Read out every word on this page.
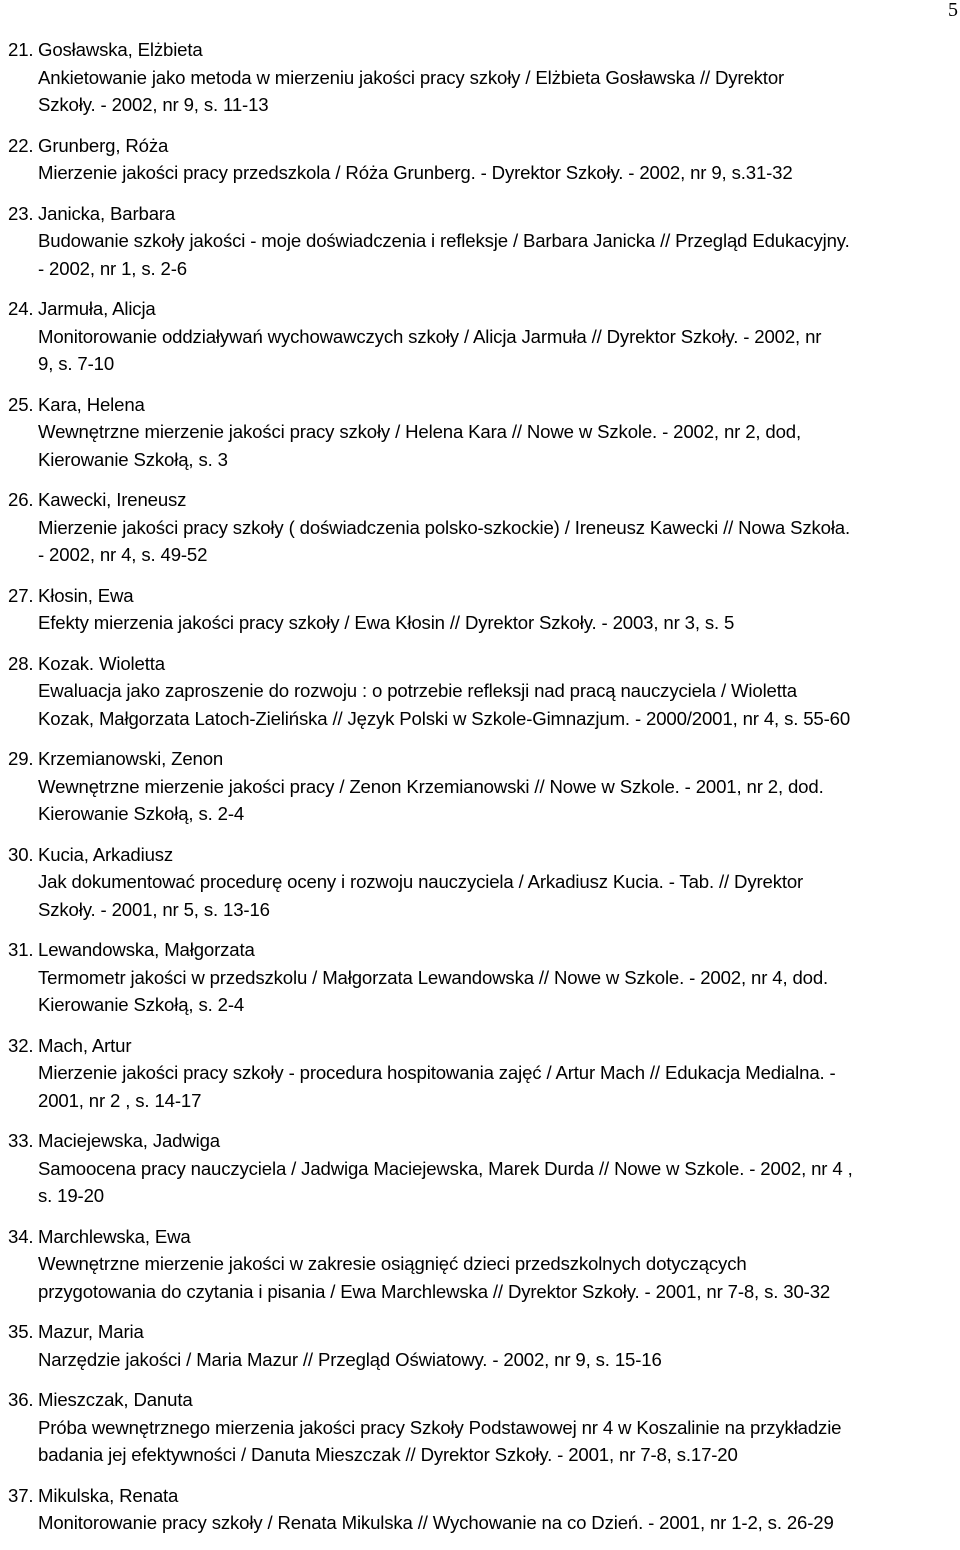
5
21. Gosławska, Elżbieta
Ankietowanie jako metoda w mierzeniu jakości pracy szkoły / Elżbieta Gosławska // Dyrektor
Szkoły. - 2002, nr 9, s. 11-13
22. Grunberg, Róża
Mierzenie jakości pracy przedszkola / Róża Grunberg. - Dyrektor Szkoły. - 2002, nr 9, s.31-32
23. Janicka, Barbara
Budowanie szkoły jakości - moje doświadczenia i refleksje / Barbara Janicka // Przegląd Edukacyjny.
- 2002, nr 1, s. 2-6
24. Jarmuła, Alicja
Monitorowanie oddziaływań wychowawczych szkoły / Alicja Jarmuła // Dyrektor Szkoły. - 2002, nr
9, s. 7-10
25. Kara, Helena
Wewnętrzne mierzenie jakości pracy szkoły / Helena Kara // Nowe w Szkole. - 2002, nr 2, dod,
Kierowanie Szkołą, s. 3
26. Kawecki, Ireneusz
Mierzenie jakości pracy szkoły ( doświadczenia polsko-szkockie) / Ireneusz Kawecki // Nowa Szkoła.
- 2002, nr 4, s. 49-52
27. Kłosin, Ewa
Efekty mierzenia jakości pracy szkoły / Ewa Kłosin // Dyrektor Szkoły. - 2003, nr 3, s. 5
28. Kozak. Wioletta
Ewaluacja jako zaproszenie do rozwoju : o potrzebie refleksji nad pracą nauczyciela / Wioletta
Kozak, Małgorzata Latoch-Zielińska // Język Polski w Szkole-Gimnazjum. - 2000/2001, nr 4, s. 55-60
29. Krzemianowski, Zenon
Wewnętrzne mierzenie jakości pracy / Zenon Krzemianowski // Nowe w Szkole. - 2001, nr 2, dod.
Kierowanie Szkołą, s. 2-4
30. Kucia, Arkadiusz
Jak dokumentować procedurę oceny i rozwoju nauczyciela / Arkadiusz Kucia. - Tab. // Dyrektor
Szkoły. - 2001, nr 5, s. 13-16
31. Lewandowska, Małgorzata
Termometr jakości w przedszkolu / Małgorzata Lewandowska // Nowe w Szkole. - 2002, nr 4, dod.
Kierowanie Szkołą, s. 2-4
32. Mach, Artur
Mierzenie jakości pracy szkoły - procedura hospitowania zajęć / Artur Mach // Edukacja Medialna. -
2001, nr 2 , s. 14-17
33. Maciejewska, Jadwiga
Samoocena pracy nauczyciela / Jadwiga Maciejewska, Marek Durda // Nowe w Szkole. - 2002, nr 4 ,
s. 19-20
34. Marchlewska, Ewa
Wewnętrzne mierzenie jakości w zakresie osiągnięć dzieci przedszkolnych dotyczących
przygotowania do czytania i pisania / Ewa Marchlewska // Dyrektor Szkoły. - 2001, nr 7-8, s. 30-32
35. Mazur, Maria
Narzędzie jakości / Maria Mazur // Przegląd Oświatowy. - 2002, nr 9, s. 15-16
36. Mieszczak, Danuta
Próba wewnętrznego mierzenia jakości pracy Szkoły Podstawowej nr 4 w Koszalinie na przykładzie
badania jej efektywności / Danuta Mieszczak // Dyrektor Szkoły. - 2001, nr 7-8, s.17-20
37. Mikulska, Renata
Monitorowanie pracy szkoły / Renata Mikulska // Wychowanie na co Dzień. - 2001, nr 1-2, s. 26-29
